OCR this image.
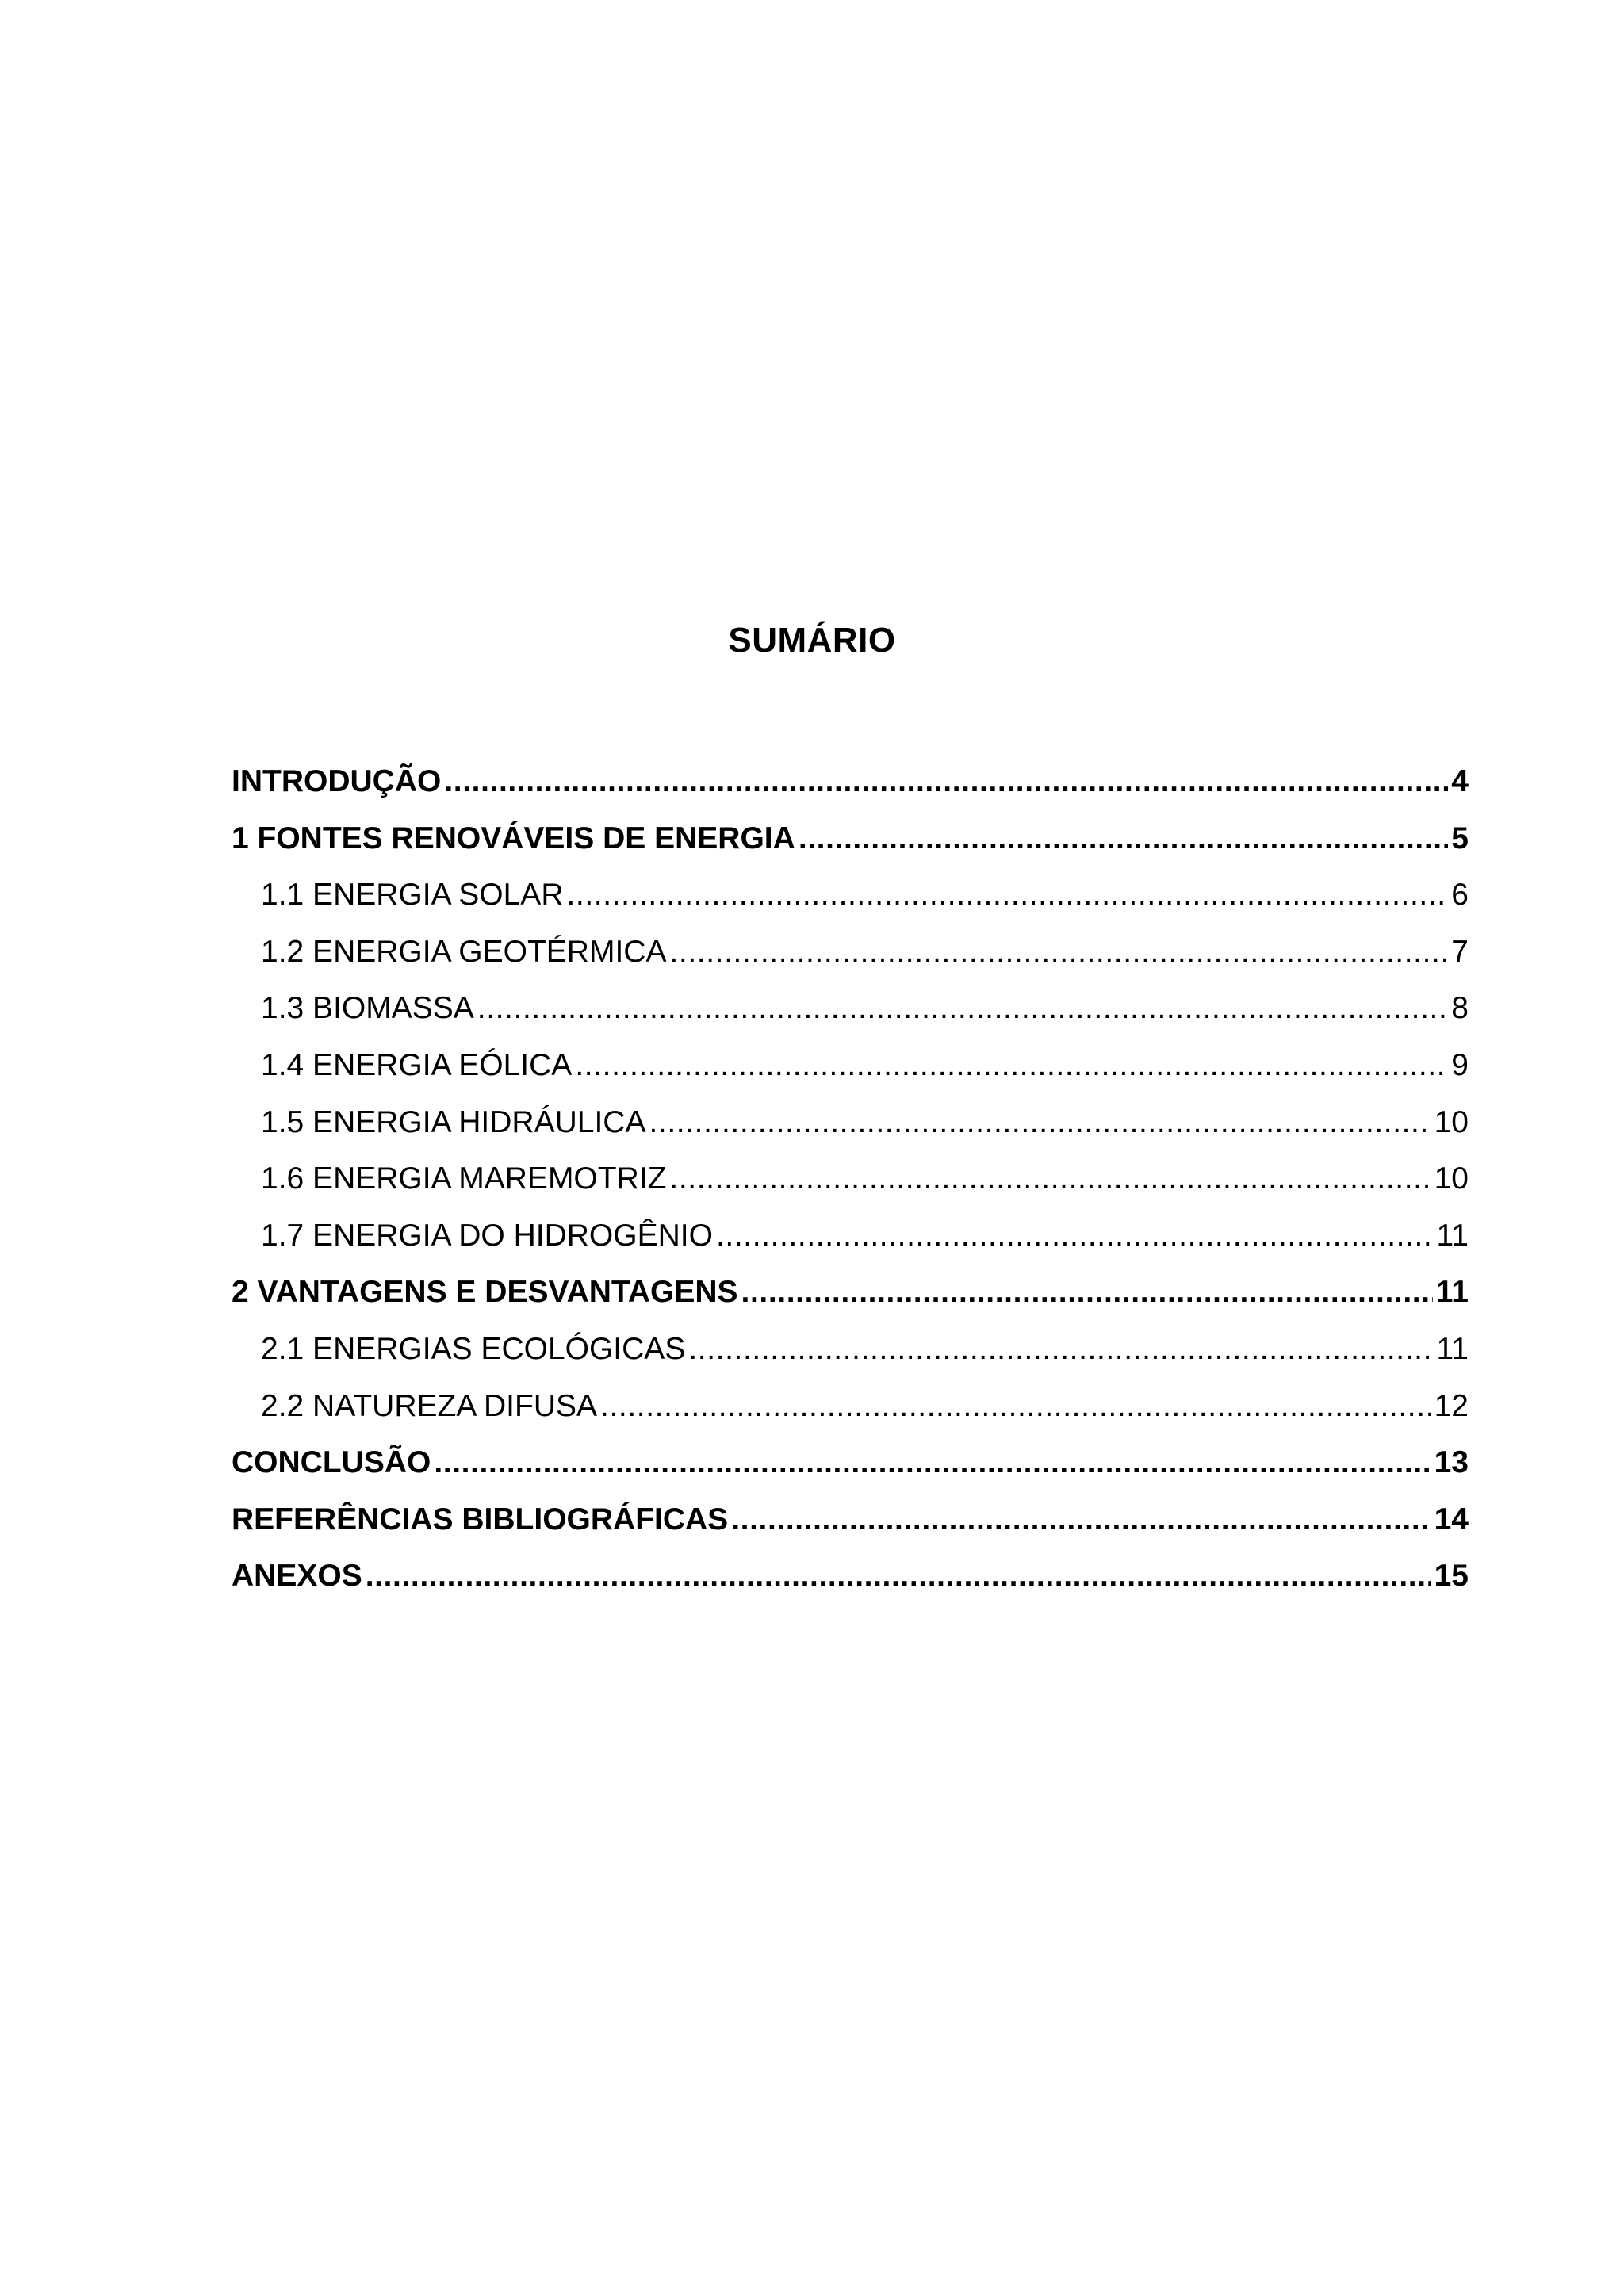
SUMÁRIO
INTRODUÇÃO .....	4
1 FONTES RENOVÁVEIS DE ENERGIA .....	5
1.1 ENERGIA SOLAR .....	6
1.2 ENERGIA GEOTÉRMICA .....	7
1.3 BIOMASSA .....	8
1.4 ENERGIA EÓLICA .....	9
1.5 ENERGIA HIDRÁULICA .....	10
1.6 ENERGIA MAREMOTRIZ .....	10
1.7 ENERGIA DO HIDROGÊNIO .....	11
2 VANTAGENS E DESVANTAGENS .....	11
2.1 ENERGIAS ECOLÓGICAS .....	11
2.2 NATUREZA DIFUSA .....	12
CONCLUSÃO .....	13
REFERÊNCIAS BIBLIOGRÁFICAS .....	14
ANEXOS .....	15
